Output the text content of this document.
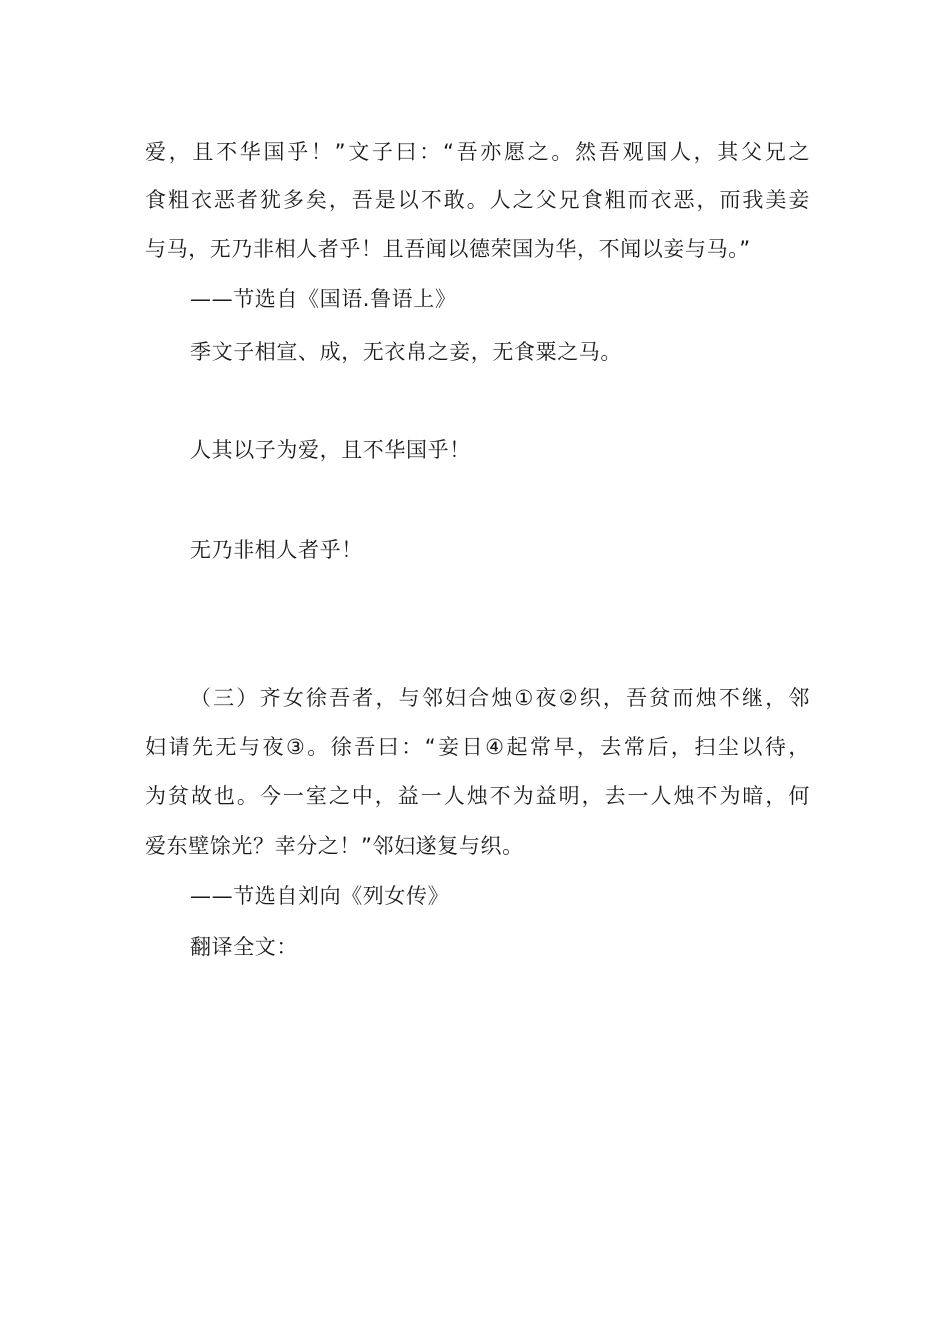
爱，且不华国乎！”文子曰：“吾亦愿之。然吾观国人，其父兄之
食粗衣恶者犹多矣，吾是以不敢。人之父兄食粗而衣恶，而我美妾
与马，无乃非相人者乎！且吾闻以德荣国为华，不闻以妾与马。”
——节选自《国语.鲁语上》
季文子相宣、成，无衣帛之妾，无食粟之马。
人其以子为爱，且不华国乎！
无乃非相人者乎！
（三）齐女徐吾者，与邻妇合烛①夜②织，吾贫而烛不继，邻
妇请先无与夜③。徐吾曰：“妾日④起常早，去常后，扫尘以待，
为贫故也。今一室之中，益一人烛不为益明，去一人烛不为暗，何
爱东壁馀光？幸分之！”邻妇遂复与织。
——节选自刘向《列女传》
翻译全文：
